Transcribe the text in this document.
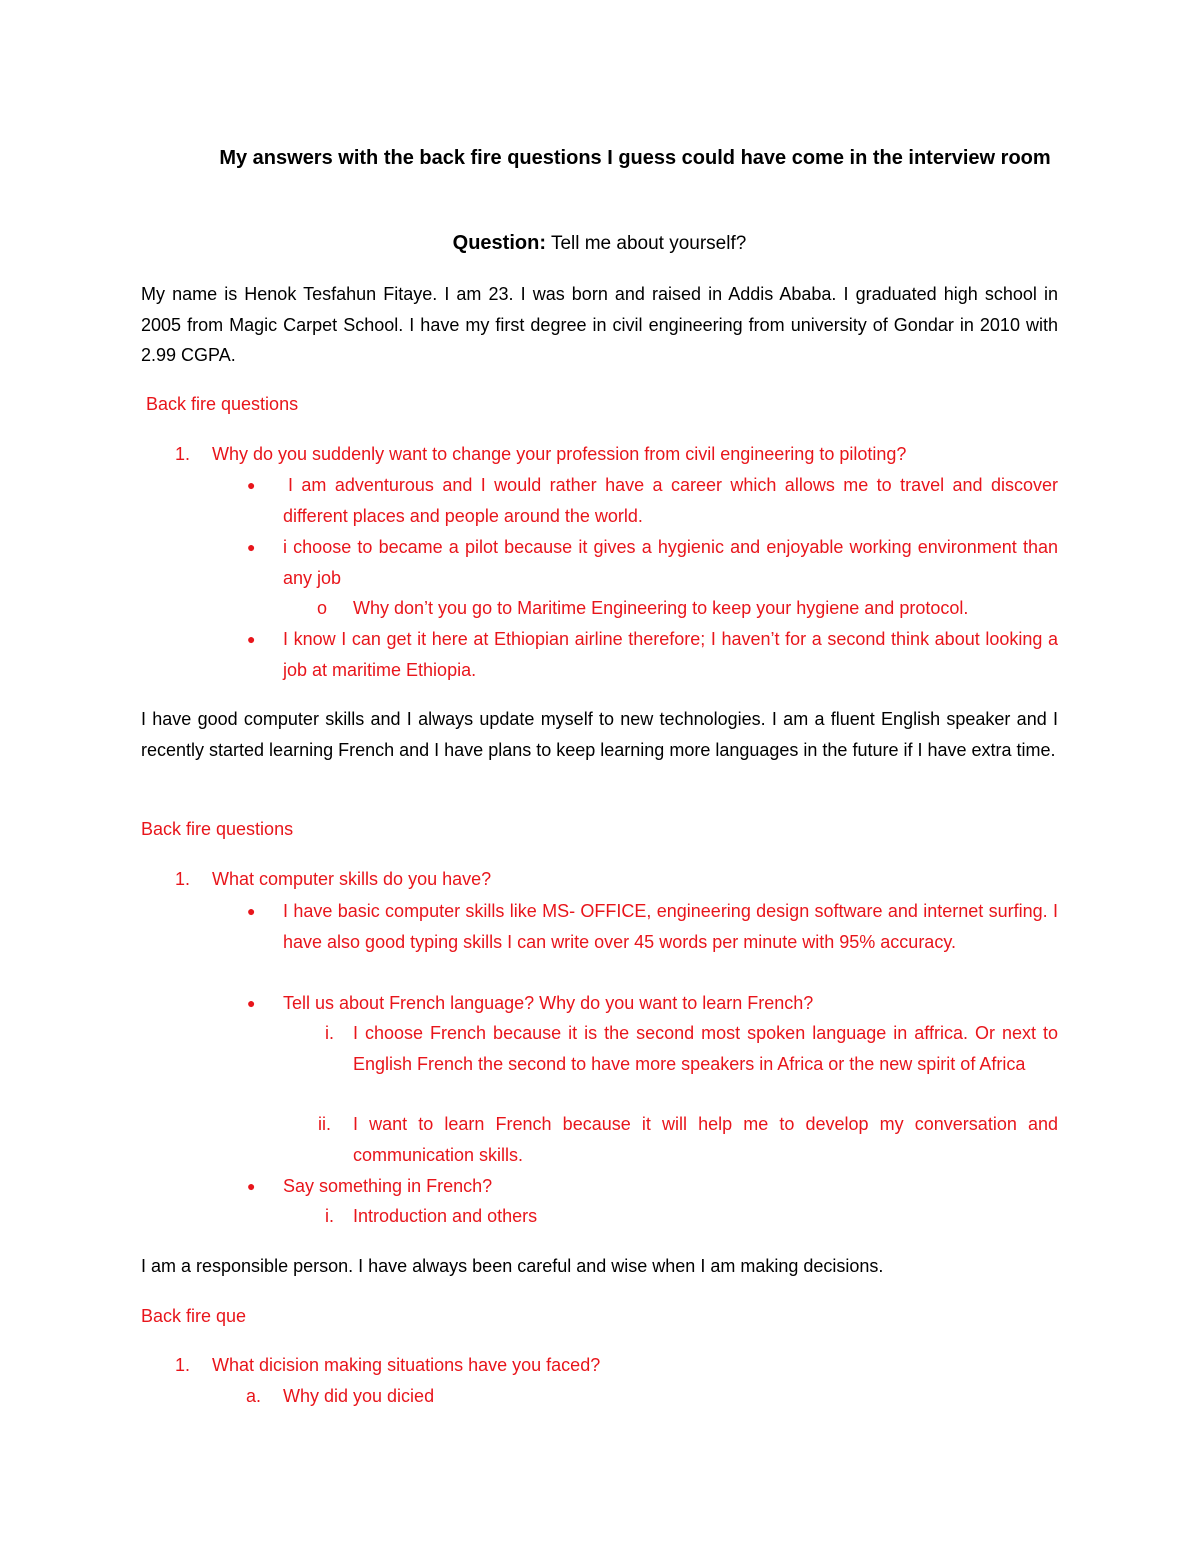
My answers with the back fire questions I guess could have come in the interview room

Question: Tell me about yourself?

My name is Henok Tesfahun Fitaye. I am 23. I was born and raised in Addis Ababa. I graduated high school in 2005 from Magic Carpet School. I have my first degree in civil engineering from university of Gondar in 2010 with 2.99 CGPA.

Back fire questions

1. Why do you suddenly want to change your profession from civil engineering to piloting?

● I am adventurous and I would rather have a career which allows me to travel and discover different places and people around the world.

● i choose to became a pilot because it gives a hygienic and enjoyable working environment than any job

o Why don’t you go to Maritime Engineering to keep your hygiene and protocol.

● I know I can get it here at Ethiopian airline therefore; I haven’t for a second think about looking a job at maritime Ethiopia.

I have good computer skills and I always update myself to new technologies. I am a fluent English speaker and I recently started learning French and I have plans to keep learning more languages in the future if I have extra time.

Back fire questions

1. What computer skills do you have?

● I have basic computer skills like MS- OFFICE, engineering design software and internet surfing. I have also good typing skills I can write over 45 words per minute with 95% accuracy.

● Tell us about French language? Why do you want to learn French?

i. I choose French because it is the second most spoken language in affrica. Or next to English French the second to have more speakers in Africa or the new spirit of Africa

ii. I want to learn French because it will help me to develop my conversation and communication skills.

● Say something in French?

i. Introduction and others

I am a responsible person. I have always been careful and wise when I am making decisions.

Back fire que

1. What dicision making situations have you faced?

a. Why did you dicied
